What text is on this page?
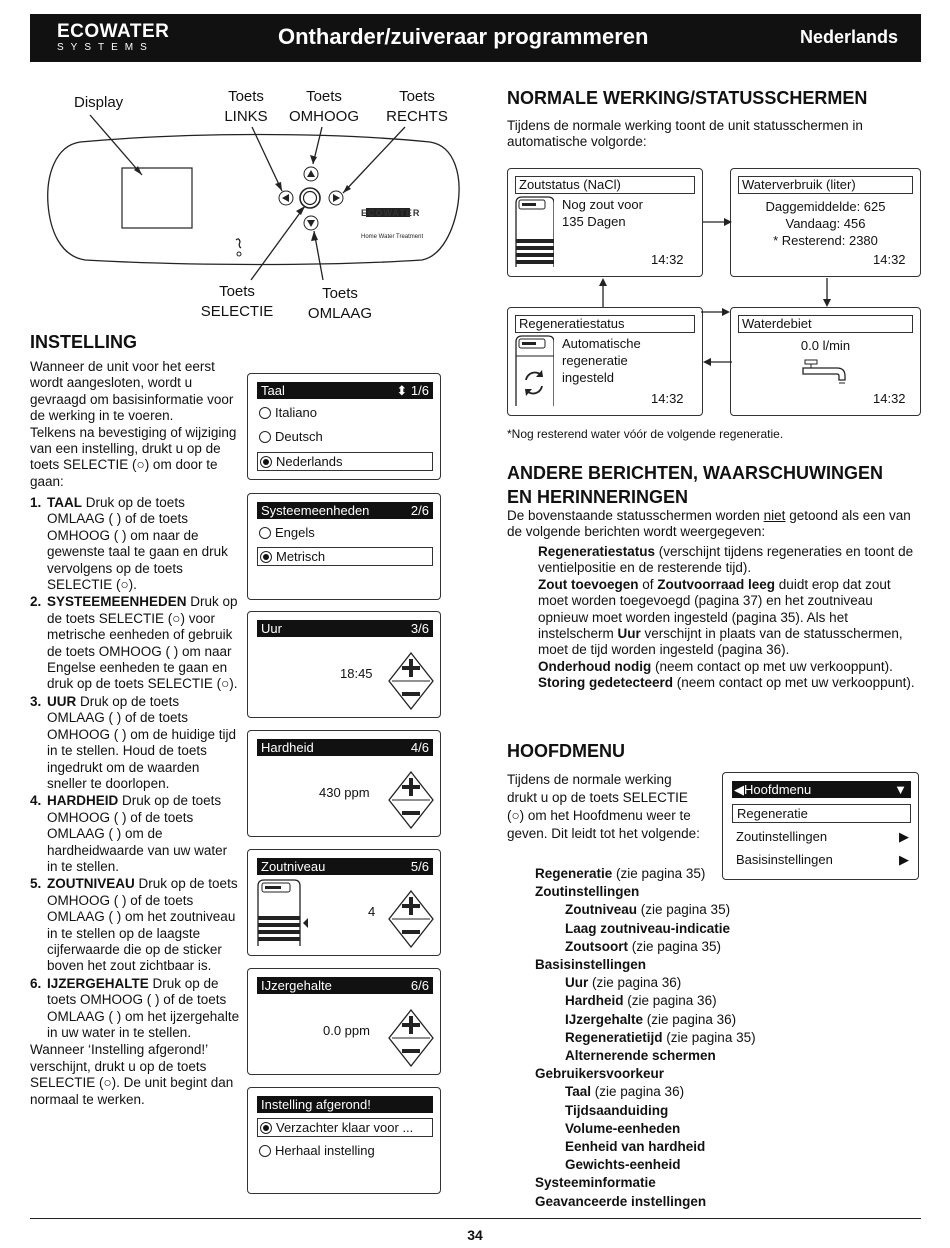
ECOWATER
SYSTEMS	Ontharder/zuiveraar programmeren	Nederlands
ECOWATER
Home Water Treatment
Display	Toets
LINKS
Toets
OMHOOG
Toets
RECHTS
Toets
SELECTIE
Toets
OMLAAG
INSTELLING

Wanneer de unit voor het eerst wordt aangesloten, wordt u gevraagd om basisinformatie voor de werking in te voeren.

Telkens na bevestiging of wijziging van een instelling, drukt u op de toets SELECTIE (○) om door te gaan:

1. TAAL Druk op de toets OMLAAG ( ) of de toets OMHOOG ( ) om naar de gewenste taal te gaan en druk vervolgens op de toets SELECTIE (○).
2. SYSTEEMEENHEDEN Druk op de toets SELECTIE (○) voor metrische eenheden of gebruik de toets OMHOOG ( ) om naar Engelse eenheden te gaan en druk op de toets SELECTIE (○).
3. UUR Druk op de toets OMLAAG ( ) of de toets OMHOOG ( ) om de huidige tijd in te stellen. Houd de toets ingedrukt om de waarden sneller te doorlopen.
4. HARDHEID Druk op de toets OMHOOG ( ) of de toets OMLAAG ( ) om de hardheidwaarde van uw water in te stellen.
5. ZOUTNIVEAU Druk op de toets OMHOOG ( ) of de toets OMLAAG ( ) om het zoutniveau in te stellen op de laagste cijferwaarde die op de sticker boven het zout zichtbaar is.
6. IJZERGEHALTE Druk op de toets OMHOOG ( ) of de toets OMLAAG ( ) om het ijzergehalte in uw water in te stellen.
Wanneer ‘Instelling afgerond!’ verschijnt, drukt u op de toets SELECTIE (○). De unit begint dan normaal te werken.
Taal	⬍ 1/6
Italiano
Deutsch
Nederlands
Systeemeenheden	2/6
Engels
Metrisch
Uur	3/6
18:45
Hardheid	4/6
430 ppm
Zoutniveau	5/6
4
IJzergehalte	6/6
0.0 ppm
Instelling afgerond!
Verzachter klaar voor ...
Herhaal instelling
NORMALE WERKING/STATUSSCHERMEN
Tijdens de normale werking toont de unit statusschermen in automatische volgorde:
Zoutstatus (NaCl)
Nog zout voor
135 Dagen
14:32
Waterverbruik (liter)
Daggemiddelde: 625
Vandaag: 456
* Resterend: 2380
14:32
Regeneratiestatus
Automatische
regeneratie
ingesteld
14:32
Waterdebiet
0.0 l/min
14:32
*Nog resterend water vóór de volgende regeneratie.
ANDERE BERICHTEN, WAARSCHUWINGEN
EN HERINNERINGEN
De bovenstaande statusschermen worden niet getoond als een van de volgende berichten wordt weergegeven:

Regeneratiestatus (verschijnt tijdens regeneraties en toont de ventielpositie en de resterende tijd).

Zout toevoegen of Zoutvoorraad leeg duidt erop dat zout moet worden toegevoegd (pagina 37) en het zoutniveau opnieuw moet worden ingesteld (pagina 35). Als het instelscherm Uur verschijnt in plaats van de statusschermen, moet de tijd worden ingesteld (pagina 36).

Onderhoud nodig (neem contact op met uw verkooppunt).

Storing gedetecteerd (neem contact op met uw verkooppunt).

HOOFDMENU
Tijdens de normale werking drukt u op de toets SELECTIE (○) om het Hoofdmenu weer te geven. Dit leidt tot het volgende:
◀Hoofdmenu	▼
Regeneratie
Zoutinstellingen	▶
Basisinstellingen	▶
Regeneratie (zie pagina 35)
Zoutinstellingen
Zoutniveau (zie pagina 35)
Laag zoutniveau-indicatie
Zoutsoort (zie pagina 35)
Basisinstellingen
Uur (zie pagina 36)
Hardheid (zie pagina 36)
IJzergehalte (zie pagina 36)
Regeneratietijd (zie pagina 35)
Alternerende schermen
Gebruikersvoorkeur
Taal (zie pagina 36)
Tijdsaanduiding
Volume-eenheden
Eenheid van hardheid
Gewichts-eenheid
Systeeminformatie
Geavanceerde instellingen
34
